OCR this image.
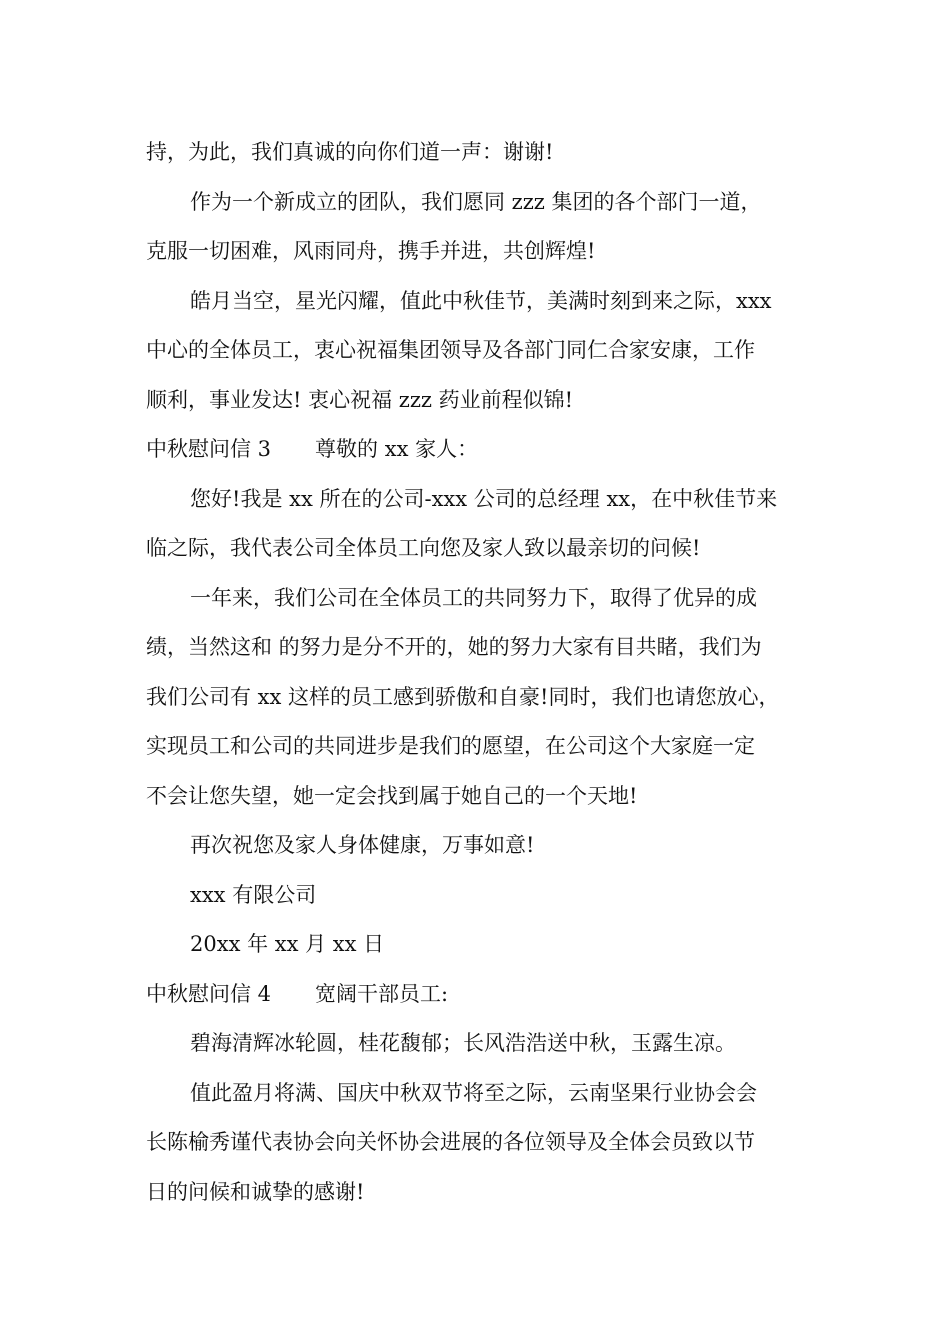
持，为此，我们真诚的向你们道一声：谢谢!

作为一个新成立的团队，我们愿同 zzz 集团的各个部门一道，

克服一切困难，风雨同舟，携手并进，共创辉煌!

皓月当空，星光闪耀，值此中秋佳节，美满时刻到来之际，xxx

中心的全体员工，衷心祝福集团领导及各部门同仁合家安康，工作

顺利，事业发达! 衷心祝福 zzz 药业前程似锦!

中秋慰问信 3 尊敬的 xx 家人：

您好!我是 xx 所在的公司-xxx 公司的总经理 xx，在中秋佳节来

临之际，我代表公司全体员工向您及家人致以最亲切的问候!

一年来，我们公司在全体员工的共同努力下，取得了优异的成

绩，当然这和 的努力是分不开的，她的努力大家有目共睹，我们为

我们公司有 xx 这样的员工感到骄傲和自豪!同时，我们也请您放心，

实现员工和公司的共同进步是我们的愿望，在公司这个大家庭一定

不会让您失望，她一定会找到属于她自己的一个天地!

再次祝您及家人身体健康，万事如意!

xxx 有限公司

20xx 年 xx 月 xx 日

中秋慰问信 4 宽阔干部员工:

碧海清辉冰轮圆，桂花馥郁；长风浩浩送中秋，玉露生凉。

值此盈月将满、国庆中秋双节将至之际，云南坚果行业协会会

长陈榆秀谨代表协会向关怀协会进展的各位领导及全体会员致以节

日的问候和诚挚的感谢!
